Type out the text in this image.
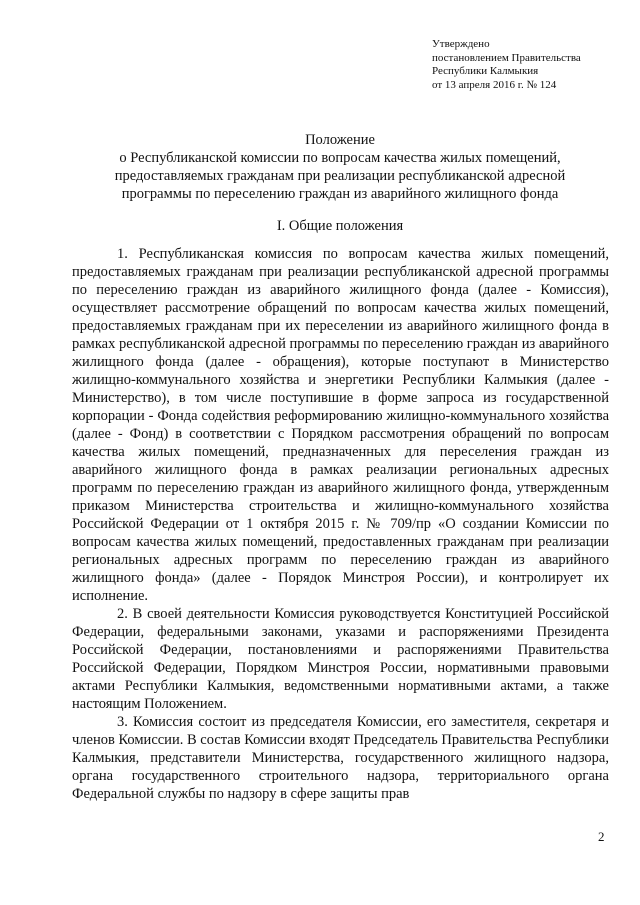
Утверждено
постановлением Правительства
Республики Калмыкия
от 13 апреля 2016 г. № 124
Положение
о Республиканской комиссии по вопросам качества жилых помещений,
предоставляемых гражданам при реализации республиканской адресной
программы по переселению граждан из аварийного жилищного фонда
I. Общие положения

1. Республиканская комиссия по вопросам качества жилых помещений, предоставляемых гражданам при реализации республиканской адресной программы по переселению граждан из аварийного жилищного фонда (далее - Комиссия), осуществляет рассмотрение обращений по вопросам качества жилых помещений, предоставляемых гражданам при их переселении из аварийного жилищного фонда в рамках республиканской адресной программы по переселению граждан из аварийного жилищного фонда (далее - обращения), которые поступают в Министерство жилищно-коммунального хозяйства и энергетики Республики Калмыкия (далее - Министерство), в том числе поступившие в форме запроса из государственной корпорации - Фонда содействия реформированию жилищно-коммунального хозяйства (далее - Фонд) в соответствии с Порядком рассмотрения обращений по вопросам качества жилых помещений, предназначенных для переселения граждан из аварийного жилищного фонда в рамках реализации региональных адресных программ по переселению граждан из аварийного жилищного фонда, утвержденным приказом Министерства строительства и жилищно-коммунального хозяйства Российской Федерации от 1 октября 2015 г. № 709/пр «О создании Комиссии по вопросам качества жилых помещений, предоставленных гражданам при реализации региональных адресных программ по переселению граждан из аварийного жилищного фонда» (далее - Порядок Минстроя России), и контролирует их исполнение.

2. В своей деятельности Комиссия руководствуется Конституцией Российской Федерации, федеральными законами, указами и распоряжениями Президента Российской Федерации, постановлениями и распоряжениями Правительства Российской Федерации, Порядком Минстроя России, нормативными правовыми актами Республики Калмыкия, ведомственными нормативными актами, а также настоящим Положением.

3. Комиссия состоит из председателя Комиссии, его заместителя, секретаря и членов Комиссии. В состав Комиссии входят Председатель Правительства Республики Калмыкия, представители Министерства, государственного жилищного надзора, органа государственного строительного надзора, территориального органа Федеральной службы по надзору в сфере защиты прав

2
